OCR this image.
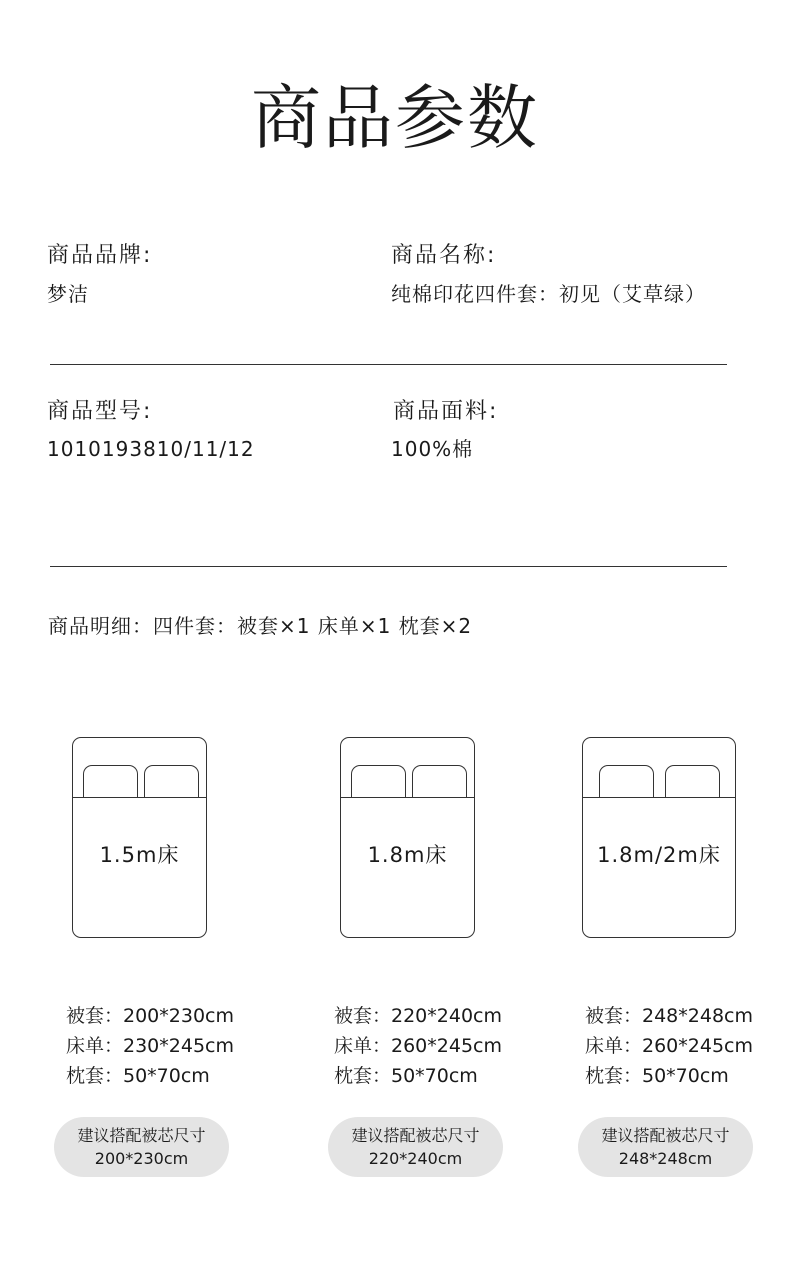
商品参数
商品品牌:
梦洁
商品名称:
纯棉印花四件套：初见（艾草绿）
商品型号:
1010193810/11/12
商品面料:
100%棉
商品明细：四件套：被套×1 床单×1 枕套×2
1.5m床	1.8m床	1.8m/2m床
被套：200*230cm
床单：230*245cm
枕套：50*70cm
被套：220*240cm
床单：260*245cm
枕套：50*70cm
被套：248*248cm
床单：260*245cm
枕套：50*70cm
建议搭配被芯尺寸
200*230cm
建议搭配被芯尺寸
220*240cm
建议搭配被芯尺寸
248*248cm
